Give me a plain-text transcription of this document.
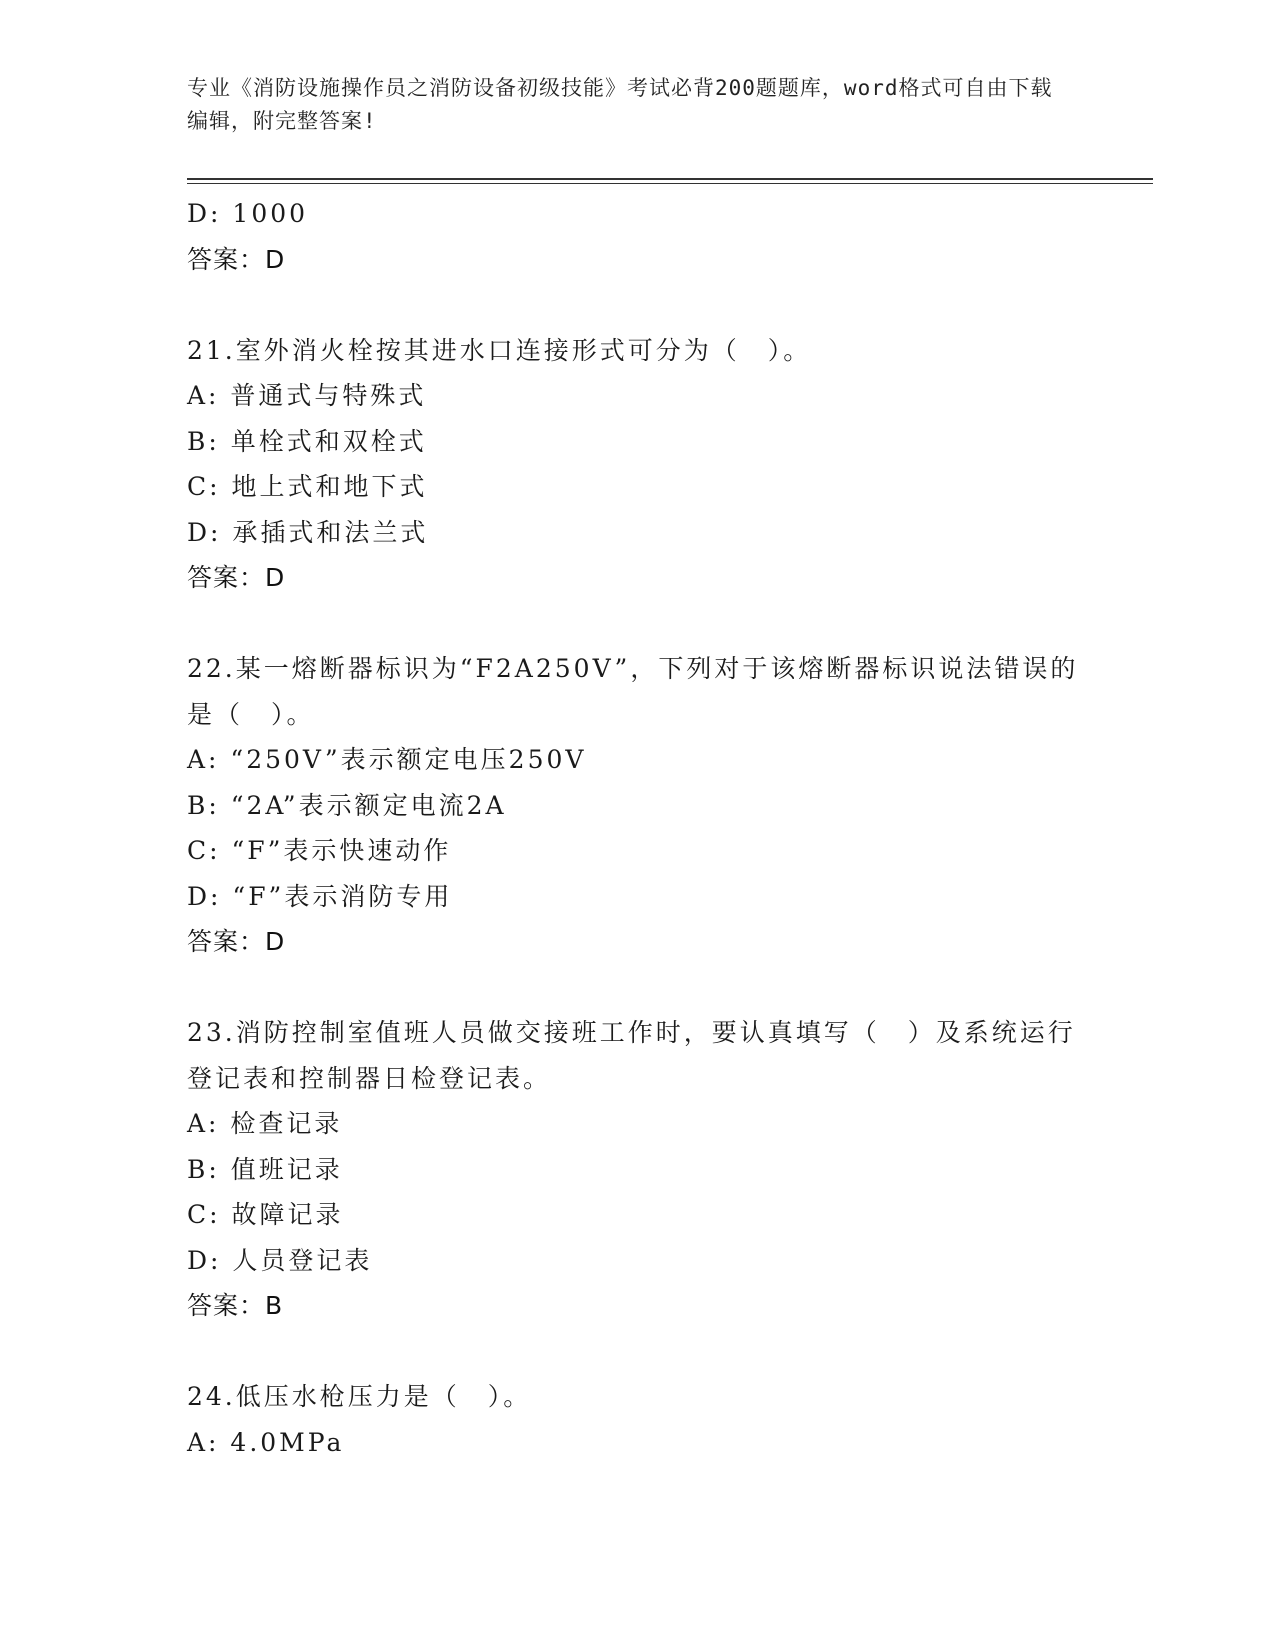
专业《消防设施操作员之消防设备初级技能》考试必背200题题库，word格式可自由下载编辑，附完整答案!
D: 1000
答案：D
21.室外消火栓按其进水口连接形式可分为（　）。
A: 普通式与特殊式
B: 单栓式和双栓式
C: 地上式和地下式
D: 承插式和法兰式
答案：D
22.某一熔断器标识为“F2A250V”，下列对于该熔断器标识说法错误的是（　）。
A: “250V”表示额定电压250V
B: “2A”表示额定电流2A
C: “F”表示快速动作
D: “F”表示消防专用
答案：D
23.消防控制室值班人员做交接班工作时，要认真填写（　）及系统运行登记表和控制器日检登记表。
A: 检查记录
B: 值班记录
C: 故障记录
D: 人员登记表
答案：B
24.低压水枪压力是（　）。
A: 4.0MPa
